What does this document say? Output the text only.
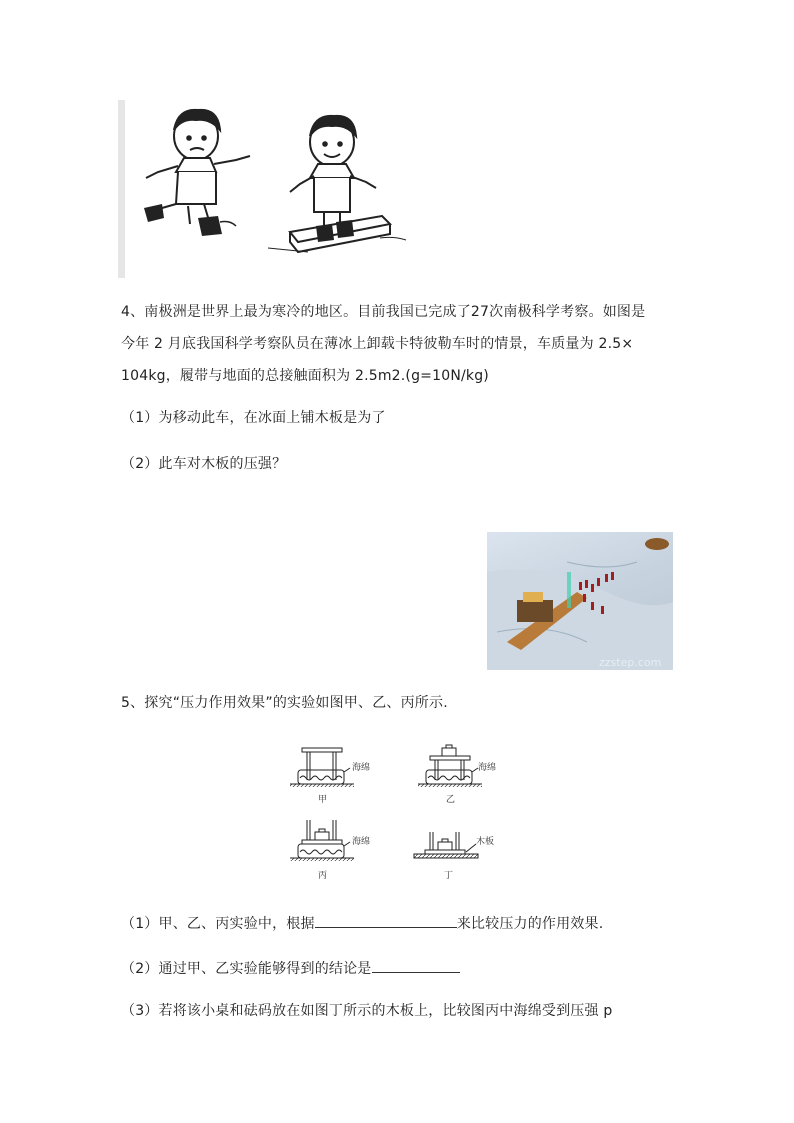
4、南极洲是世界上最为寒冷的地区。目前我国已完成了27次南极科学考察。如图是
今年 2 月底我国科学考察队员在薄冰上卸载卡特彼勒车时的情景，车质量为 2.5×
104kg，履带与地面的总接触面积为 2.5m2.(g=10N/kg)
（1）为移动此车，在冰面上铺木板是为了
（2）此车对木板的压强？
zzstep.com
5、探究“压力作用效果”的实验如图甲、乙、丙所示.
海绵
甲
海绵
乙
海绵
丙
木板
丁
（1）甲、乙、丙实验中，根据	来比较压力的作用效果.
（2）通过甲、乙实验能够得到的结论是
（3）若将该小桌和砝码放在如图丁所示的木板上，比较图丙中海绵受到压强 p
